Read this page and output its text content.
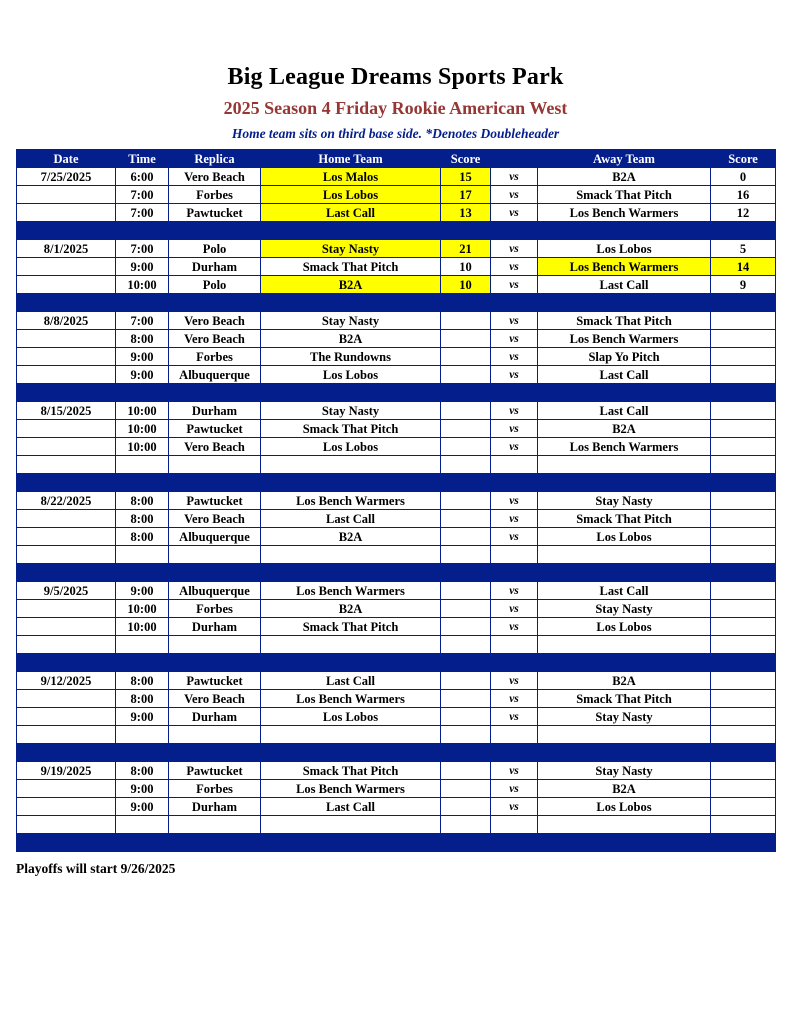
Big League Dreams Sports Park
2025 Season 4 Friday Rookie American West
Home team sits on third base side. *Denotes Doubleheader
Date	Time	Replica	Home Team	Score		Away Team	Score
7/25/2025	6:00	Vero Beach	Los Malos	15	vs	B2A	0
	7:00	Forbes	Los Lobos	17	vs	Smack That Pitch	16
	7:00	Pawtucket	Last Call	13	vs	Los Bench Warmers	12

8/1/2025	7:00	Polo	Stay Nasty	21	vs	Los Lobos	5
	9:00	Durham	Smack That Pitch	10	vs	Los Bench Warmers	14
	10:00	Polo	B2A	10	vs	Last Call	9

8/8/2025	7:00	Vero Beach	Stay Nasty		vs	Smack That Pitch	
	8:00	Vero Beach	B2A		vs	Los Bench Warmers	
	9:00	Forbes	The Rundowns		vs	Slap Yo Pitch	
	9:00	Albuquerque	Los Lobos		vs	Last Call	

8/15/2025	10:00	Durham	Stay Nasty		vs	Last Call	
	10:00	Pawtucket	Smack That Pitch		vs	B2A	
	10:00	Vero Beach	Los Lobos		vs	Los Bench Warmers	

8/22/2025	8:00	Pawtucket	Los Bench Warmers		vs	Stay Nasty	
	8:00	Vero Beach	Last Call		vs	Smack That Pitch	
	8:00	Albuquerque	B2A		vs	Los Lobos	

9/5/2025	9:00	Albuquerque	Los Bench Warmers		vs	Last Call	
	10:00	Forbes	B2A		vs	Stay Nasty	
	10:00	Durham	Smack That Pitch		vs	Los Lobos	

9/12/2025	8:00	Pawtucket	Last Call		vs	B2A	
	8:00	Vero Beach	Los Bench Warmers		vs	Smack That Pitch	
	9:00	Durham	Los Lobos		vs	Stay Nasty	

9/19/2025	8:00	Pawtucket	Smack That Pitch		vs	Stay Nasty	
	9:00	Forbes	Los Bench Warmers		vs	B2A	
	9:00	Durham	Last Call		vs	Los Lobos	

Playoffs will start 9/26/2025
